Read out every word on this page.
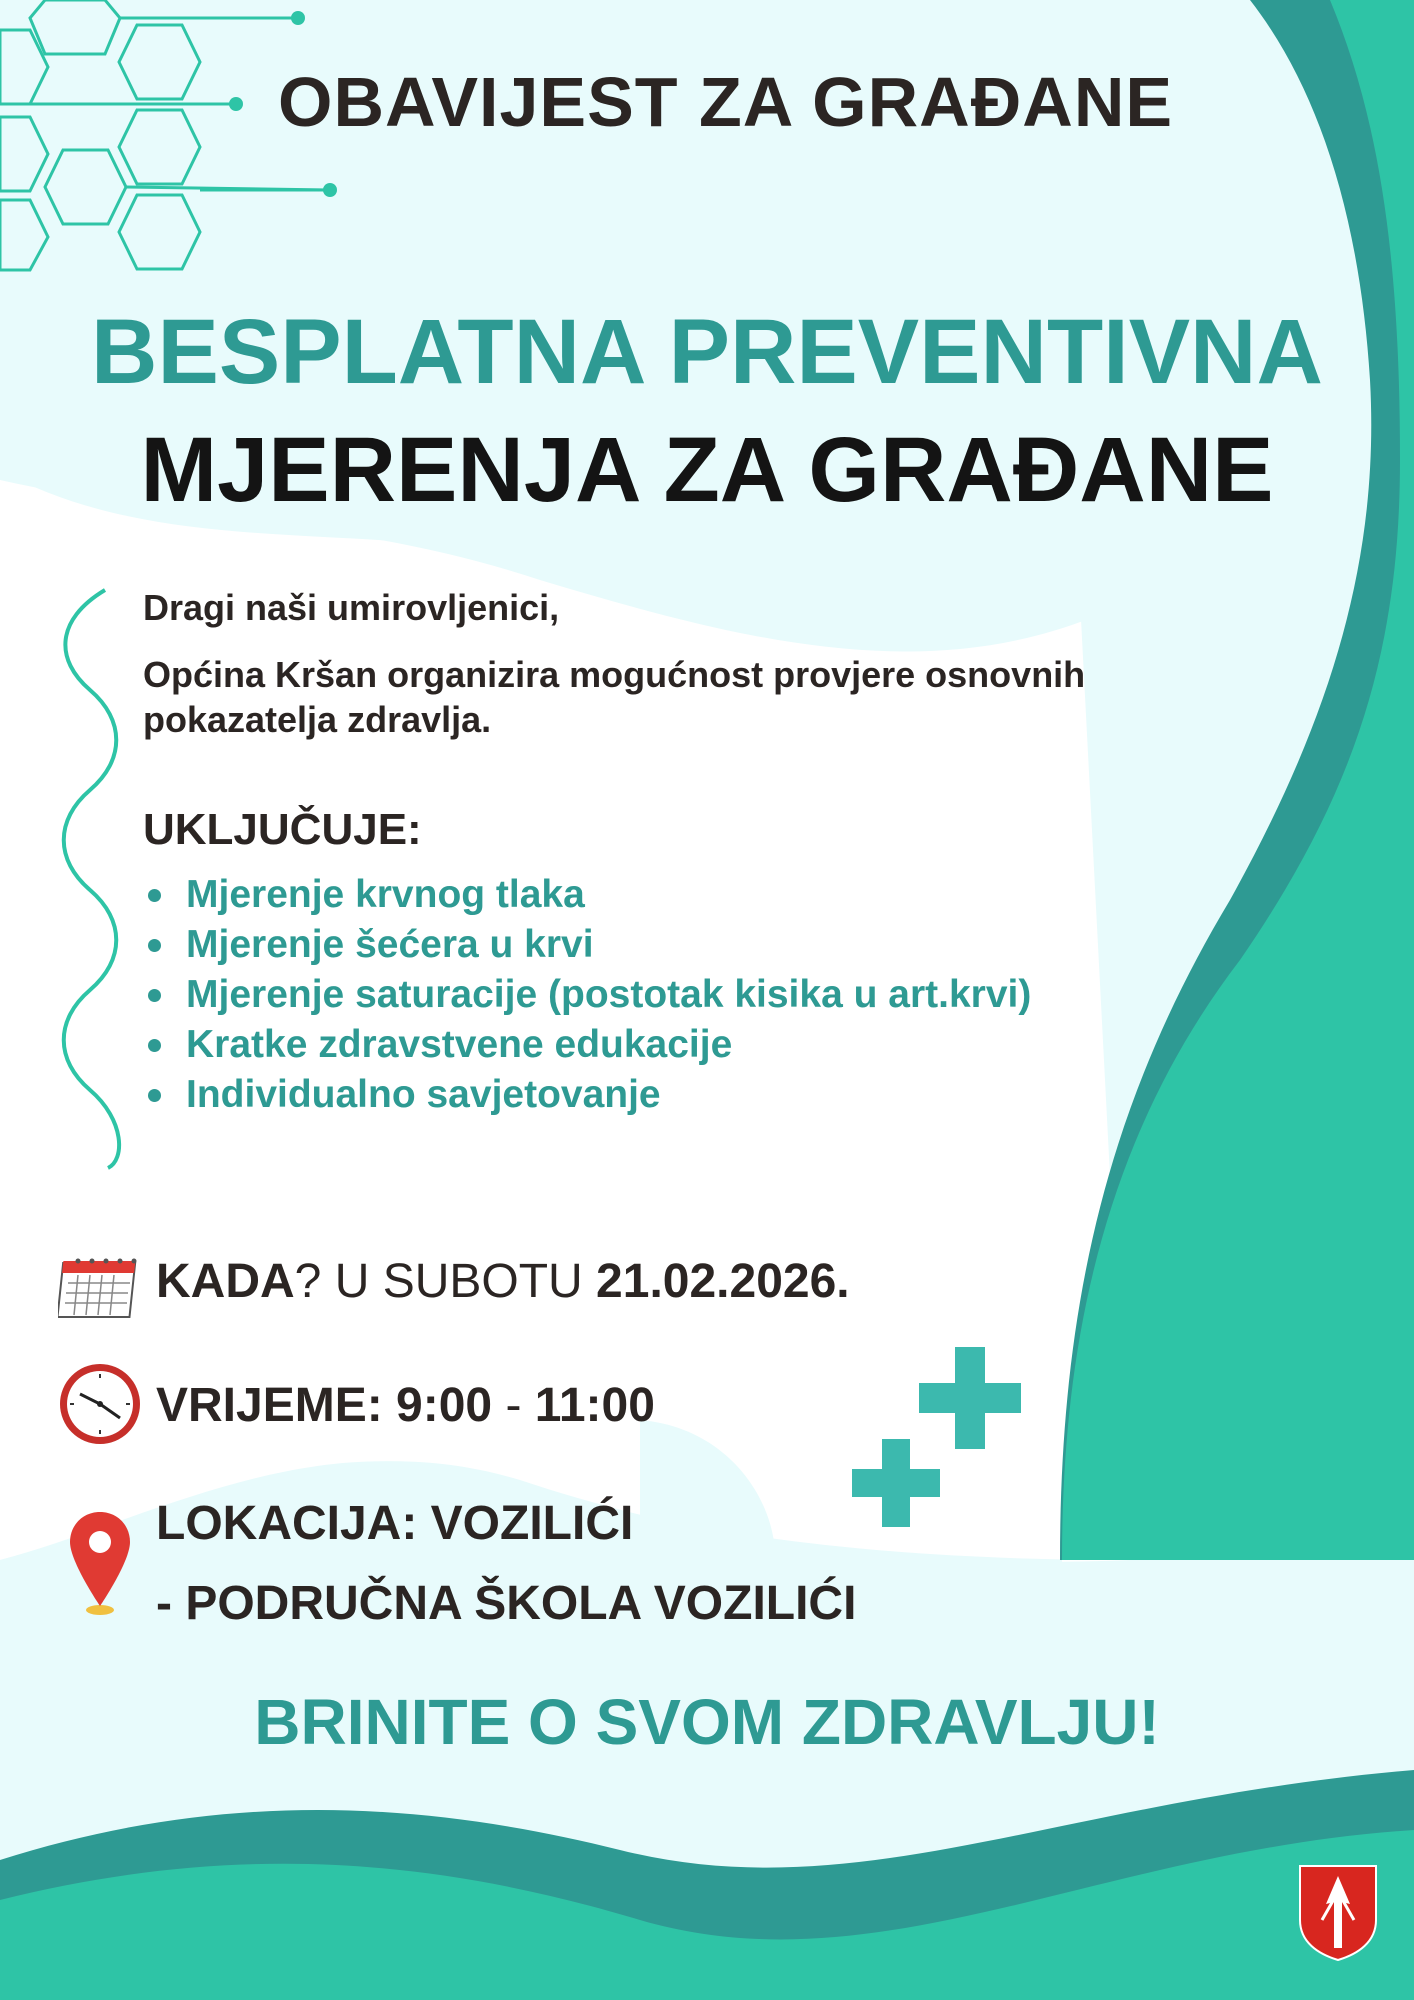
OBAVIJEST ZA GRAĐANE
BESPLATNA PREVENTIVNA
MJERENJA ZA GRAĐANE
Dragi naši umirovljenici,
Općina Kršan organizira mogućnost provjere osnovnih pokazatelja zdravlja.
UKLJUČUJE:
Mjerenje krvnog tlaka
Mjerenje šećera u krvi
Mjerenje saturacije (postotak kisika u art.krvi)
Kratke zdravstvene edukacije
Individualno savjetovanje
KADA? U SUBOTU 21.02.2026.
VRIJEME: 9:00 - 11:00
LOKACIJA: VOZILIĆI
- PODRUČNA ŠKOLA VOZILIĆI
BRINITE O SVOM ZDRAVLJU!
